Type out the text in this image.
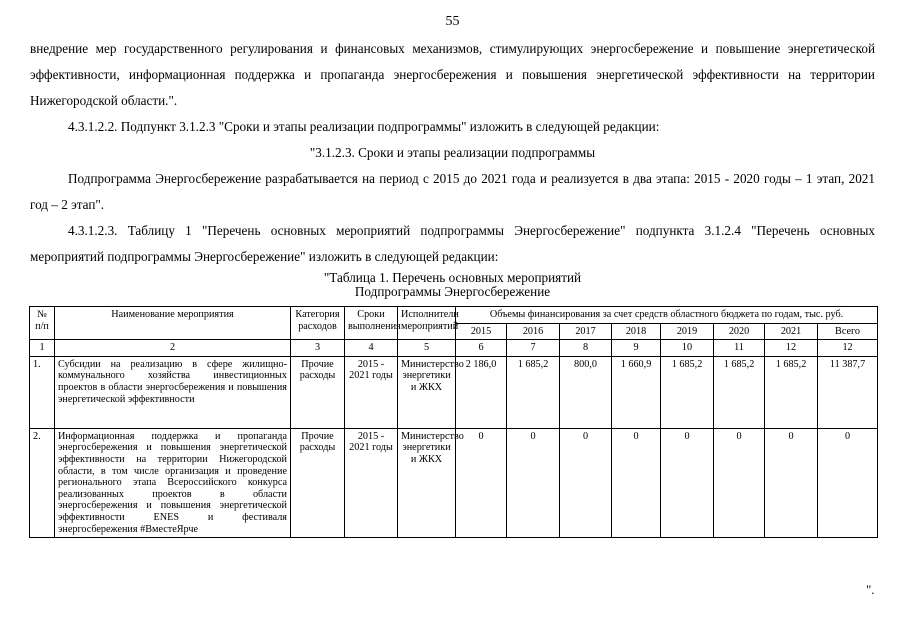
55
внедрение мер государственного регулирования и финансовых механизмов, стимулирующих энергосбережение и повышение энергетической эффективности, информационная поддержка и пропаганда энергосбережения и повышения энергетической эффективности на территории Нижегородской области.".
4.3.1.2.2. Подпункт 3.1.2.3 "Сроки и этапы реализации подпрограммы" изложить в следующей редакции:
"3.1.2.3. Сроки и этапы реализации подпрограммы
Подпрограмма Энергосбережение разрабатывается на период с 2015 до 2021 года и реализуется в два этапа: 2015 - 2020 годы – 1 этап, 2021 год – 2 этап".
4.3.1.2.3. Таблицу 1 "Перечень основных мероприятий подпрограммы Энергосбережение" подпункта 3.1.2.4 "Перечень основных мероприятий подпрограммы Энергосбережение" изложить в следующей редакции:
"Таблица 1. Перечень основных мероприятий
Подпрограммы Энергосбережение
№ п/п	Наименование мероприятия	Категория расходов	Сроки выполнения	Исполнители мероприятий	Объемы финансирования за счет средств областного бюджета по годам, тыс. руб.							
					2015	2016	2017	2018	2019	2020	2021	Всего
1	2	3	4	5	6	7	8	9	10	11	12	12
1.	Субсидии на реализацию в сфере жилищно-коммунального хозяйства инвестиционных проектов в области энергосбережения и повышения энергетической эффективности	Прочие расходы	2015 - 2021 годы	Министерство энергетики и ЖКХ	2 186,0	1 685,2	800,0	1 660,9	1 685,2	1 685,2	1 685,2	11 387,7
2.	Информационная поддержка и пропаганда энергосбережения и повышения энергетической эффективности на территории Нижегородской области, в том числе организация и проведение регионального этапа Всероссийского конкурса реализованных проектов в области энергосбережения и повышения энергетической эффективности ENES и фестиваля энергосбережения #ВместеЯрче	Прочие расходы	2015 - 2021 годы	Министерство энергетики и ЖКХ	0	0	0	0	0	0	0	0
".
